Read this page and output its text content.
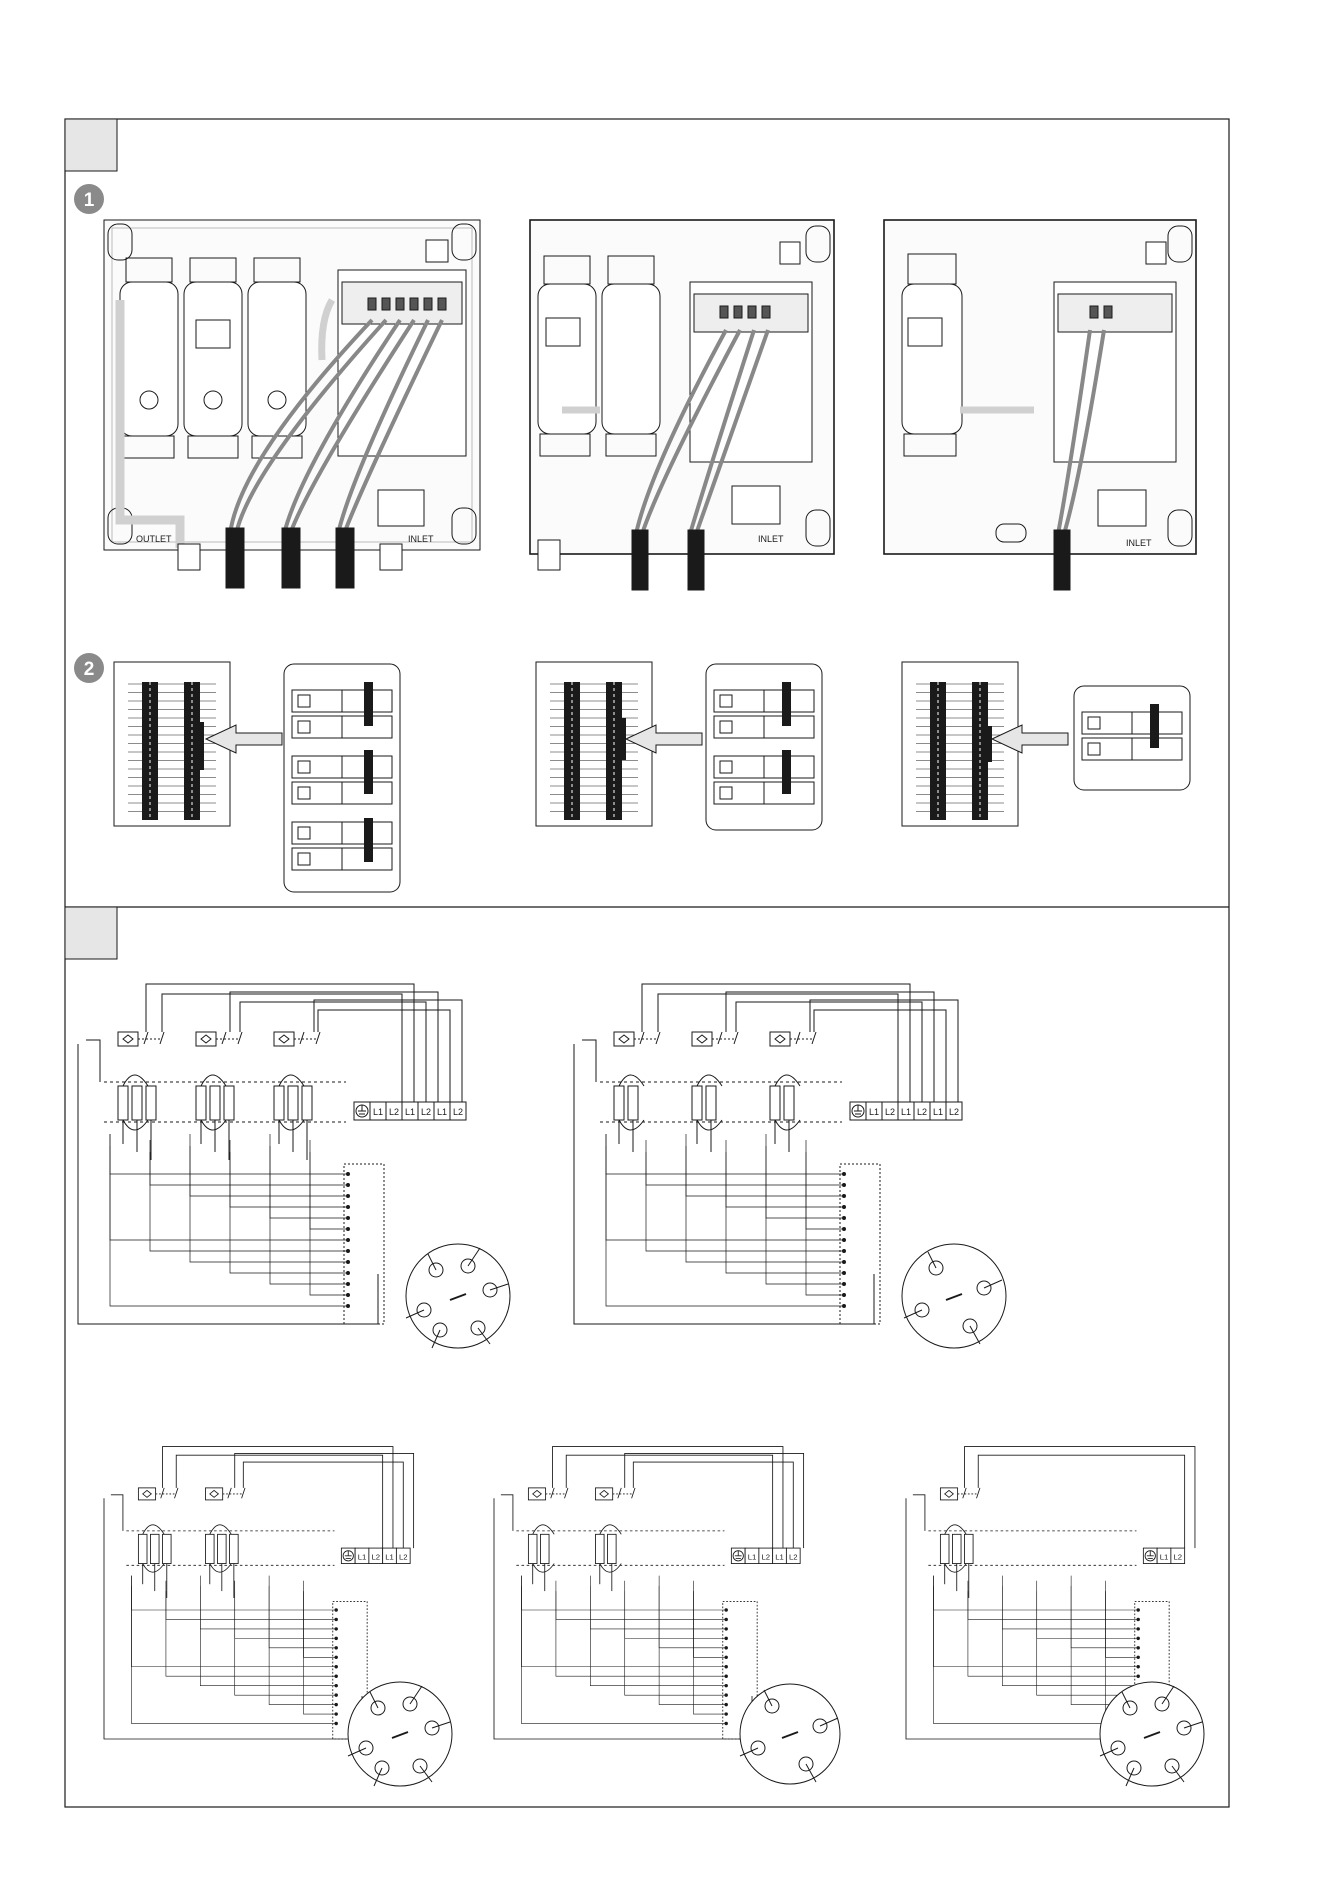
1
2
OUTLET	INLET	INLET	INLET
L1 L2 L1 L2 L1 L2	L1 L2 L1 L2 L1 L2
L1 L2 L1 L2	L1 L2 L1 L2	L1 L2
